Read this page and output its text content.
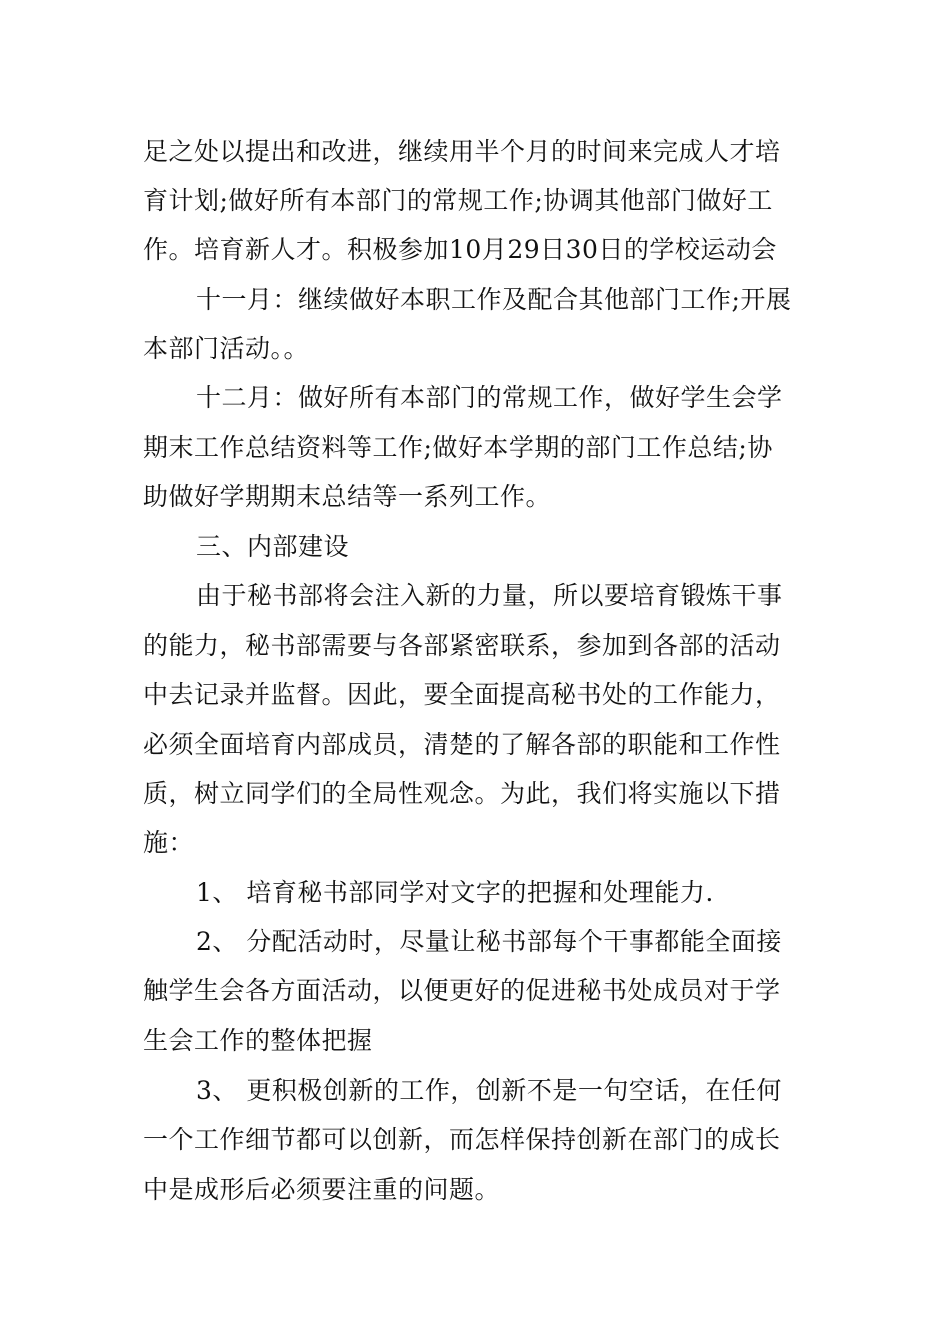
足之处以提出和改进，继续用半个月的时间来完成人才培
育计划;做好所有本部门的常规工作;协调其他部门做好工
作。培育新人才。积极参加10月29日30日的学校运动会
十一月：继续做好本职工作及配合其他部门工作;开展
本部门活动。。
十二月：做好所有本部门的常规工作，做好学生会学
期末工作总结资料等工作;做好本学期的部门工作总结;协
助做好学期期末总结等一系列工作。
三、内部建设
由于秘书部将会注入新的力量，所以要培育锻炼干事
的能力，秘书部需要与各部紧密联系，参加到各部的活动
中去记录并监督。因此，要全面提高秘书处的工作能力，
必须全面培育内部成员，清楚的了解各部的职能和工作性
质，树立同学们的全局性观念。为此，我们将实施以下措
施：
1、 培育秘书部同学对文字的把握和处理能力.
2、 分配活动时，尽量让秘书部每个干事都能全面接
触学生会各方面活动，以便更好的促进秘书处成员对于学
生会工作的整体把握
3、 更积极创新的工作，创新不是一句空话，在任何
一个工作细节都可以创新，而怎样保持创新在部门的成长
中是成形后必须要注重的问题。
